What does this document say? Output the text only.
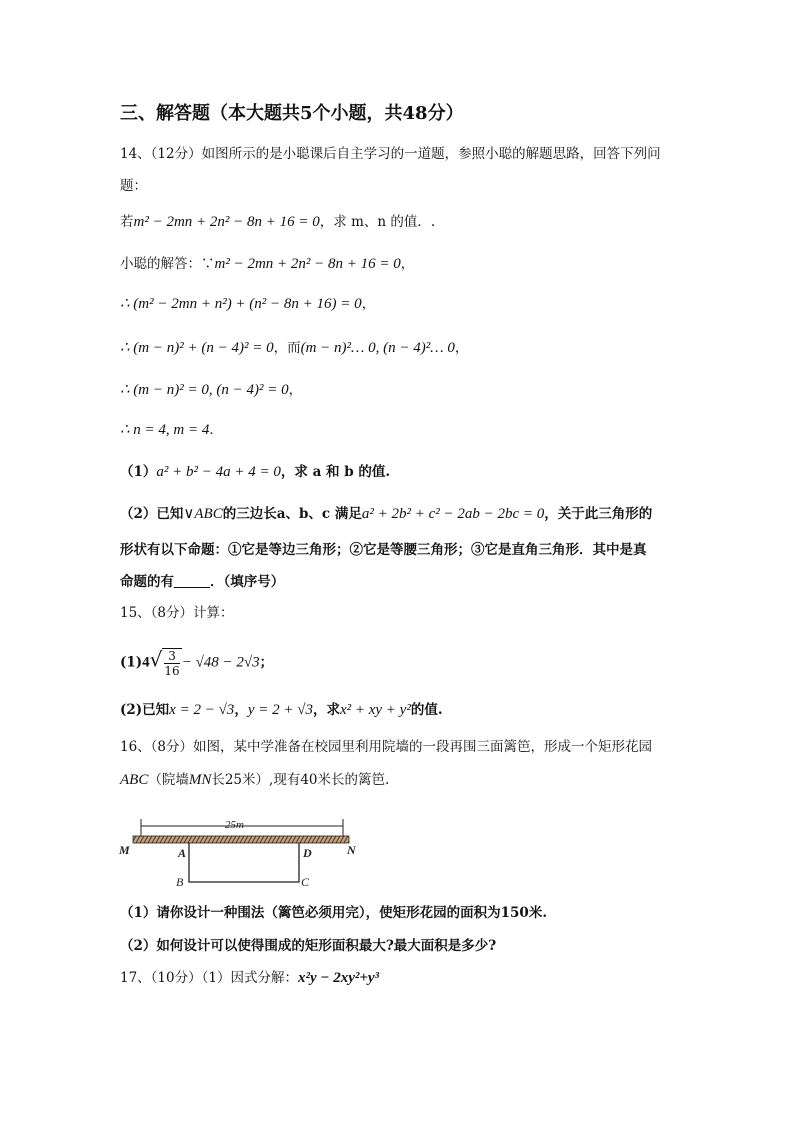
三、解答题（本大题共5个小题，共48分）
14、（12分）如图所示的是小聪课后自主学习的一道题，参照小聪的解题思路，回答下列问
题：
若m² − 2mn + 2n² − 8n + 16 = 0，求 m、n 的值．.
小聪的解答：∵m² − 2mn + 2n² − 8n + 16 = 0，
∴ (m² − 2mn + n²) + (n² − 8n + 16) = 0，
∴ (m − n)² + (n − 4)² = 0，而(m − n)²… 0, (n − 4)²… 0，
∴ (m − n)² = 0, (n − 4)² = 0，
∴ n = 4, m = 4．
（1）a² + b² − 4a + 4 = 0，求 a 和 b 的值.
（2）已知∨ABC的三边长a、b、c 满足a² + 2b² + c² − 2ab − 2bc = 0，关于此三角形的
形状有以下命题：①它是等边三角形；②它是等腰三角形；③它是直角三角形．其中是真
命题的有	．（填序号）
15、（8分）计算：
$(1)4√ \frac{3}{16} - √48 - 2√3$；
(2)已知x = 2 − √3，y = 2 + √3，求x² + xy + y²的值.
16、（8分）如图，某中学准备在校园里利用院墙的一段再围三面篱笆，形成一个矩形花园
ABC（院墙MN长25米）,现有40米长的篱笆.
25m
M	N
A	D
B	C
（1）请你设计一种围法（篱笆必须用完），使矩形花园的面积为150米.
（2）如何设计可以使得围成的矩形面积最大?最大面积是多少?
17、（10分）（1）因式分解：x²y − 2xy²+y³
